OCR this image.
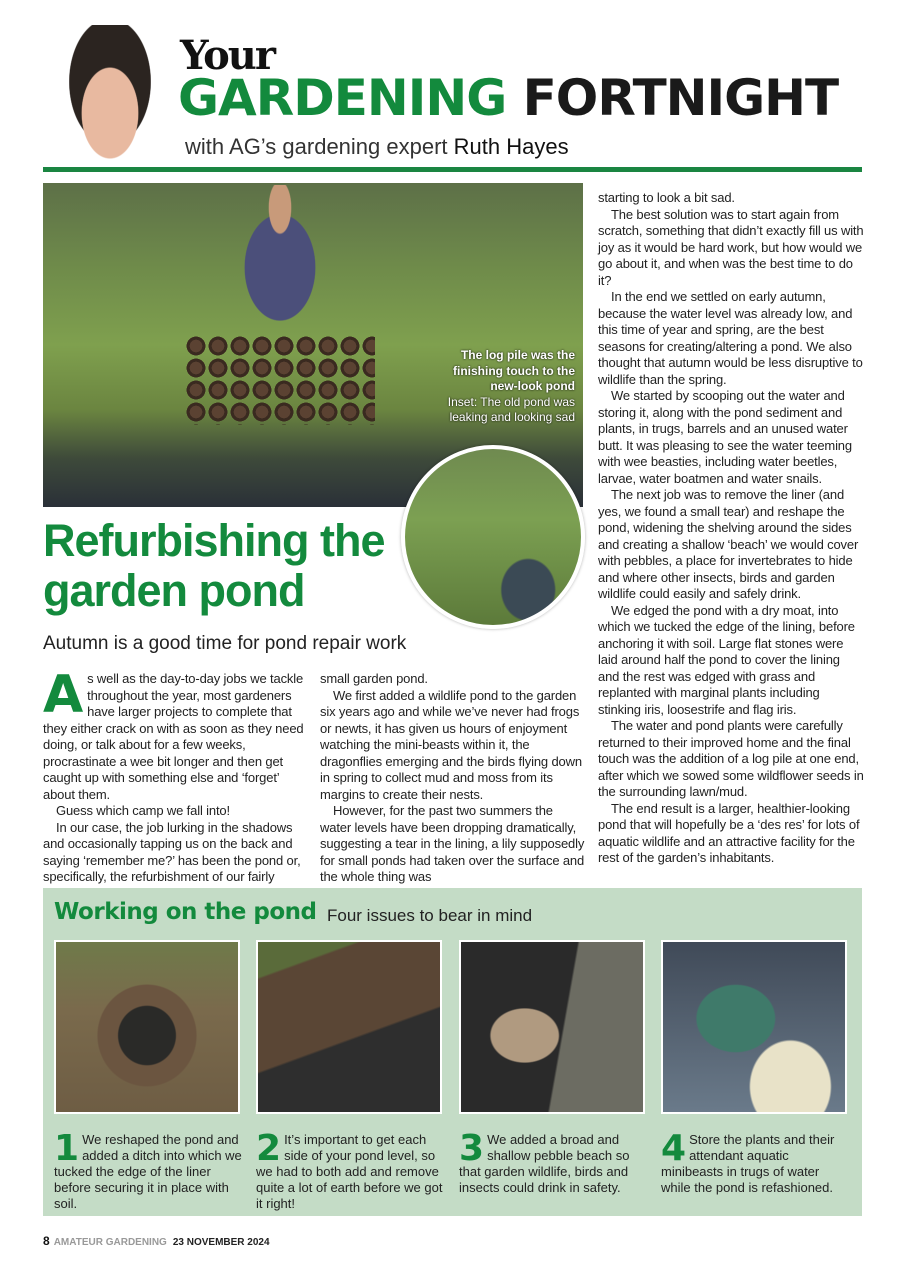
Your
GARDENING FORTNIGHT
with AG’s gardening expert Ruth Hayes
The log pile was the finishing touch to the new-look pond
Inset: The old pond was leaking and looking sad
Refurbishing the garden pond
Autumn is a good time for pond repair work
A s well as the day-to-day jobs we tackle throughout the year, most gardeners have larger projects to complete that they either crack on with as soon as they need doing, or talk about for a few weeks, procrastinate a wee bit longer and then get caught up with something else and ‘forget’ about them.

Guess which camp we fall into!

In our case, the job lurking in the shadows and occasionally tapping us on the back and saying ‘remember me?’ has been the pond or, specifically, the refurbishment of our fairly

small garden pond.

We first added a wildlife pond to the garden six years ago and while we’ve never had frogs or newts, it has given us hours of enjoyment watching the mini-beasts within it, the dragonflies emerging and the birds flying down in spring to collect mud and moss from its margins to create their nests.

However, for the past two summers the water levels have been dropping dramatically, suggesting a tear in the lining, a lily supposedly for small ponds had taken over the surface and the whole thing was

starting to look a bit sad.

The best solution was to start again from scratch, something that didn’t exactly fill us with joy as it would be hard work, but how would we go about it, and when was the best time to do it?

In the end we settled on early autumn, because the water level was already low, and this time of year and spring, are the best seasons for creating/altering a pond. We also thought that autumn would be less disruptive to wildlife than the spring.

We started by scooping out the water and storing it, along with the pond sediment and plants, in trugs, barrels and an unused water butt. It was pleasing to see the water teeming with wee beasties, including water beetles, larvae, water boatmen and water snails.

The next job was to remove the liner (and yes, we found a small tear) and reshape the pond, widening the shelving around the sides and creating a shallow ‘beach’ we would cover with pebbles, a place for invertebrates to hide and where other insects, birds and garden wildlife could easily and safely drink.

We edged the pond with a dry moat, into which we tucked the edge of the lining, before anchoring it with soil. Large flat stones were laid around half the pond to cover the lining and the rest was edged with grass and replanted with marginal plants including stinking iris, loosestrife and flag iris.

The water and pond plants were carefully returned to their improved home and the final touch was the addition of a log pile at one end, after which we sowed some wildflower seeds in the surrounding lawn/mud.

The end result is a larger, healthier-looking pond that will hopefully be a ‘des res’ for lots of aquatic wildlife and an attractive facility for the rest of the garden’s inhabitants.

Working on the pond Four issues to bear in mind
1 We reshaped the pond and added a ditch into which we tucked the edge of the liner before securing it in place with soil.
2 It’s important to get each side of your pond level, so we had to both add and remove quite a lot of earth before we got it right!
3 We added a broad and shallow pebble beach so that garden wildlife, birds and insects could drink in safety.
4 Store the plants and their attendant aquatic minibeasts in trugs of water while the pond is refashioned.
8 AMATEUR GARDENING 23 NOVEMBER 2024
